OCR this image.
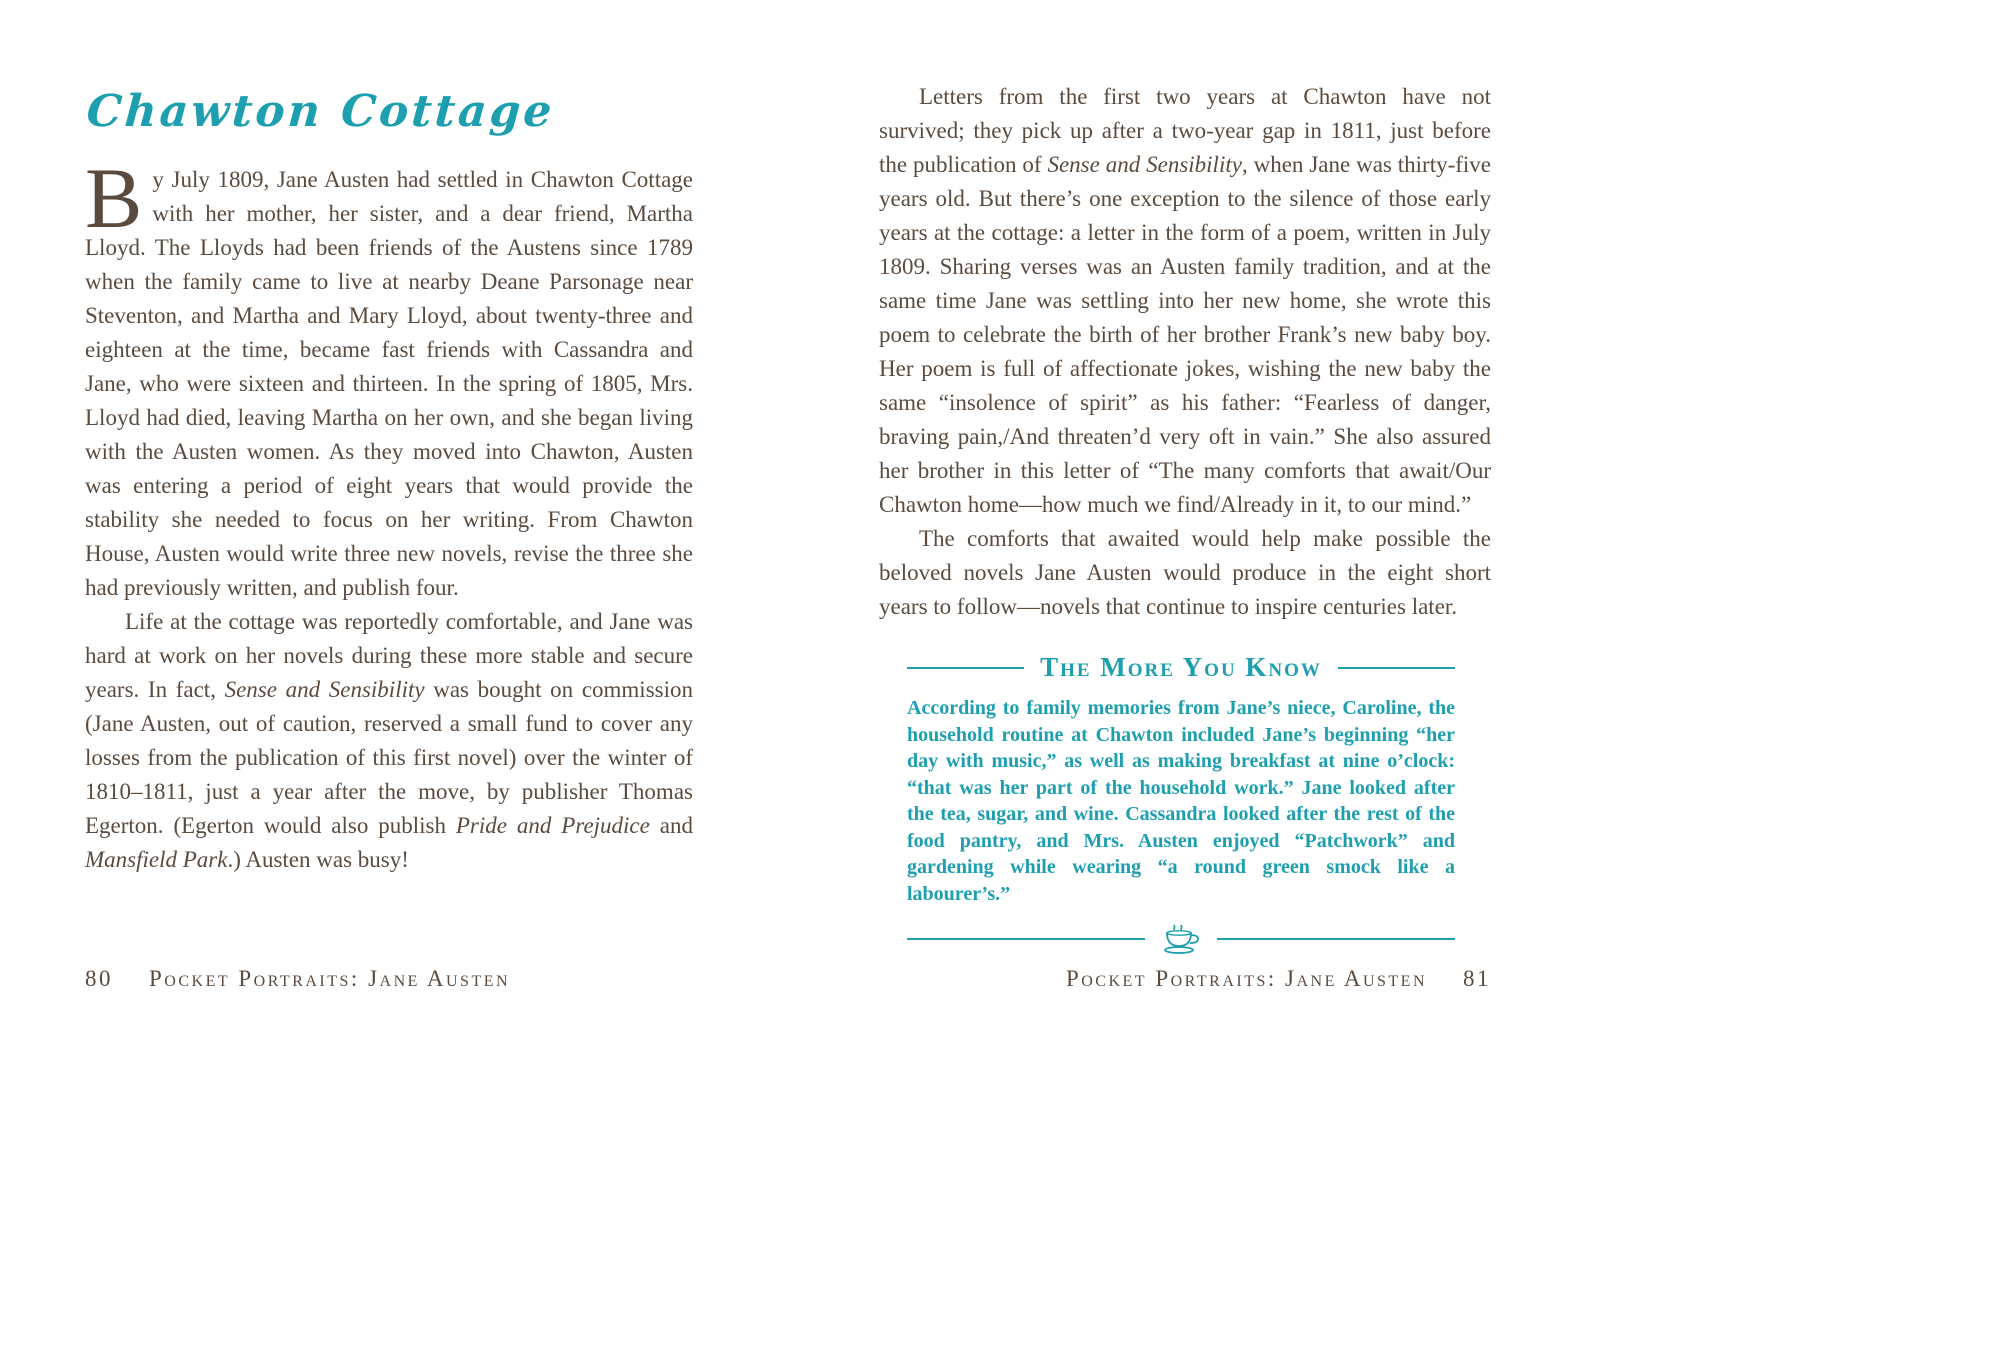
Chawton Cottage

By July 1809, Jane Austen had settled in Chawton Cottage with her mother, her sister, and a dear friend, Martha Lloyd. The Lloyds had been friends of the Austens since 1789 when the family came to live at nearby Deane Parsonage near Steventon, and Martha and Mary Lloyd, about twenty-three and eighteen at the time, became fast friends with Cassandra and Jane, who were sixteen and thirteen. In the spring of 1805, Mrs. Lloyd had died, leaving Martha on her own, and she began living with the Austen women. As they moved into Chawton, Austen was entering a period of eight years that would provide the stability she needed to focus on her writing. From Chawton House, Austen would write three new novels, revise the three she had previously written, and publish four.

Life at the cottage was reportedly comfortable, and Jane was hard at work on her novels during these more stable and secure years. In fact, Sense and Sensibility was bought on commission (Jane Austen, out of caution, reserved a small fund to cover any losses from the publication of this first novel) over the winter of 1810–1811, just a year after the move, by publisher Thomas Egerton. (Egerton would also publish Pride and Prejudice and Mansfield Park.) Austen was busy!

Letters from the first two years at Chawton have not survived; they pick up after a two-year gap in 1811, just before the publication of Sense and Sensibility, when Jane was thirty-five years old. But there’s one exception to the silence of those early years at the cottage: a letter in the form of a poem, written in July 1809. Sharing verses was an Austen family tradition, and at the same time Jane was settling into her new home, she wrote this poem to celebrate the birth of her brother Frank’s new baby boy. Her poem is full of affectionate jokes, wishing the new baby the same “insolence of spirit” as his father: “Fearless of danger, braving pain,/And threaten’d very oft in vain.” She also assured her brother in this letter of “The many comforts that await/Our Chawton home—how much we find/Already in it, to our mind.”

The comforts that awaited would help make possible the beloved novels Jane Austen would produce in the eight short years to follow—novels that continue to inspire centuries later.

The More You Know
According to family memories from Jane’s niece, Caroline, the household routine at Chawton included Jane’s beginning “her day with music,” as well as making breakfast at nine o’clock: “that was her part of the household work.” Jane looked after the tea, sugar, and wine. Cassandra looked after the rest of the food pantry, and Mrs. Austen enjoyed “Patchwork” and gardening while wearing “a round green smock like a labourer’s.”
80 Pocket Portraits: Jane Austen	Pocket Portraits: Jane Austen 81
